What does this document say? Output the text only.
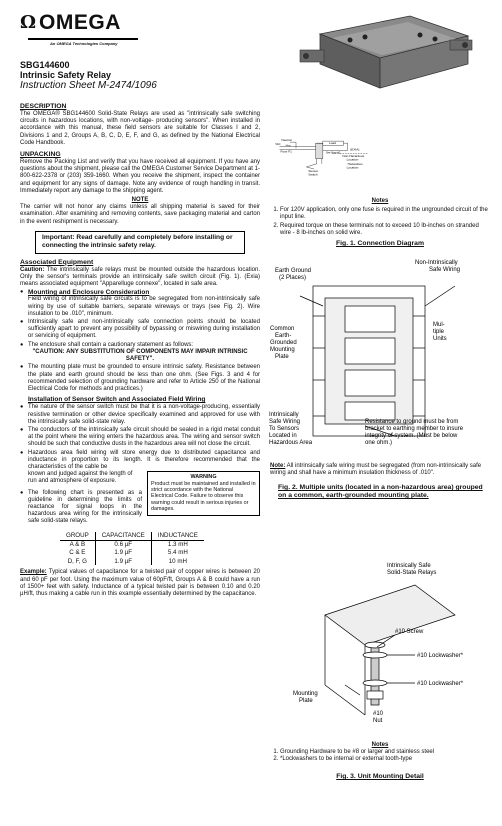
Ω OMEGA
An OMEGA Technologies Company
SBG144600
Intrinsic Safety Relay
Instruction Sheet M-2474/1096
DESCRIPTION
The OMEGA® SBG144600 Solid-State Relays are used as "intrinsically safe switching circuits in hazardous locations, with non-voltage- producing sensors". When installed in accordance with this manual, these field sensors are suitable for Classes I and 2, Divisions 1 and 2, Groups A, B, C, D, E, F, and G, as defined by the National Electrical Code Handbook.
UNPACKING
Remove the Packing List and verify that you have received all equipment. If you have any questions about the shipment, please call the OMEGA Customer Service Department at 1-800-622-2378 or (203) 359-1660. When you receive the shipment, inspect the container and equipment for any signs of damage. Note any evidence of rough handling in transit. Immediately report any damage to the shipping agent.
NOTE
The carrier will not honor any claims unless all shipping material is saved for their examination. After examining and removing contents, save packaging material and carton in the event reshipment is necessary.
Important: Read carefully and completely before installing or connecting the intrinsic safety relay.
Associated Equipment
Caution: The intrinsically safe relays must be mounted outside the hazardous location. Only the sensor's terminals provide an intrinsically safe switch circuit (Fig. 1). (Exia) means associated equipment "Apparelluge connexe", located in safe area.
● Mounting and Enclosure Consideration
Field wiring of intrinsically safe circuits is to be segregated from non-intrinsically safe wiring by use of suitable barriers, separate wireways or trays (see Fig. 2). Wire insulation to be .010", minimum.
● Intrinsically safe and non-intrinsically safe connection points should be located sufficiently apart to prevent any possibility of bypassing or miswiring during installation or servicing of equipment.
● The enclosure shall contain a cautionary statement as follows:
"CAUTION: ANY SUBSTITUTION OF COMPONENTS MAY IMPAIR INTRINSIC SAFETY".
● The mounting plate must be grounded to ensure intrinsic safety. Resistance between the plate and earth ground should be less than one ohm. (See Figs. 3 and 4 for recommended selection of grounding hardware and refer to Article 250 of the National Electrical Code for methods and practices.)
Installation of Sensor Switch and Associated Field Wiring
● The nature of the sensor switch must be that it is a non-voltage-producing, essentially resistive termination or other device specifically examined and approved for use with the intrinsically safe solid-state relay.
● The conductors of the intrinsically safe circuit should be sealed in a rigid metal conduit at the point where the wiring enters the hazardous area. The wiring and sensor switch should be such that conductive dusts in the hazardous area will not close the circuit.
● Hazardous area field wiring will store energy due to distributed capacitance and inductance in proportion to its length. It is therefore recommended that the characteristics of the cable be
WARNING
Product must be maintained and installed in strict accordance with the National Electrical Code. Failure to observe this warning could result in serious injuries or damages.
known and judged against the length of run and atmosphere of exposure.
● The following chart is presented as a guideline in determining the limits of reactance for signal loops in the hazardous area wiring for the intrinsically safe solid-state relays.
GROUP	CAPACITANCE	INDUCTANCE
A & B	0.6 µF	1.3 mH
C & E	1.9 µF	5.4 mH
D, F, G	1.9 µF	10 mH
Example: Typical values of capacitance for a twisted pair of copper wires is between 20 and 60 pF per foot. Using the maximum value of 60pF/ft, Groups A & B could have a run of 1500+ feet with safety. Inductance of a typical twisted pair is between 0.10 and 0.20 µH/ft, thus making a cable run in this example essentially determined by the capacitance.
Neutral
VAC Hot
Fuse F1
Load
See Note #2
(EXIA)
Non-Hazardous
Location
Hazardous
Location
Sensor
Switch
Notes
1. For 120V application, only one fuse is required in the ungrounded circuit of the input line.
2. Required torque on these terminals not to exceed 10 lb-inches on stranded wire - 8 lb-inches on solid wire.
Fig. 1. Connection Diagram
Earth Ground
(2 Places)
Non-Intrinsically
Safe Wiring
Common
Earth-
Grounded
Mounting
Plate
Mul-
tiple
Units
Intrinsically
Safe Wiring
To Sensors
Located in
Hazardous Area
Resistance to ground must be from
bracket to earthing member to insure
integrity of system. (Must be below
one ohm.)
Note: All intrinsically safe wiring must be segregated (from non-intrinsically safe wiring and shall have a minimum insulation thickness of .010".
Fig. 2. Multiple units (located in a non-hazardous area) grouped on a common, earth-grounded mounting plate.
Intrinsically Safe
Solid-State Relays
#10 Screw
#10 Lockwasher*
#10 Lockwasher*
Mounting
Plate
#10
Nut
Notes
1. Grounding Hardware to be #8 or larger and stainless steel
2. *Lockwashers to be internal or external tooth-type
Fig. 3. Unit Mounting Detail
